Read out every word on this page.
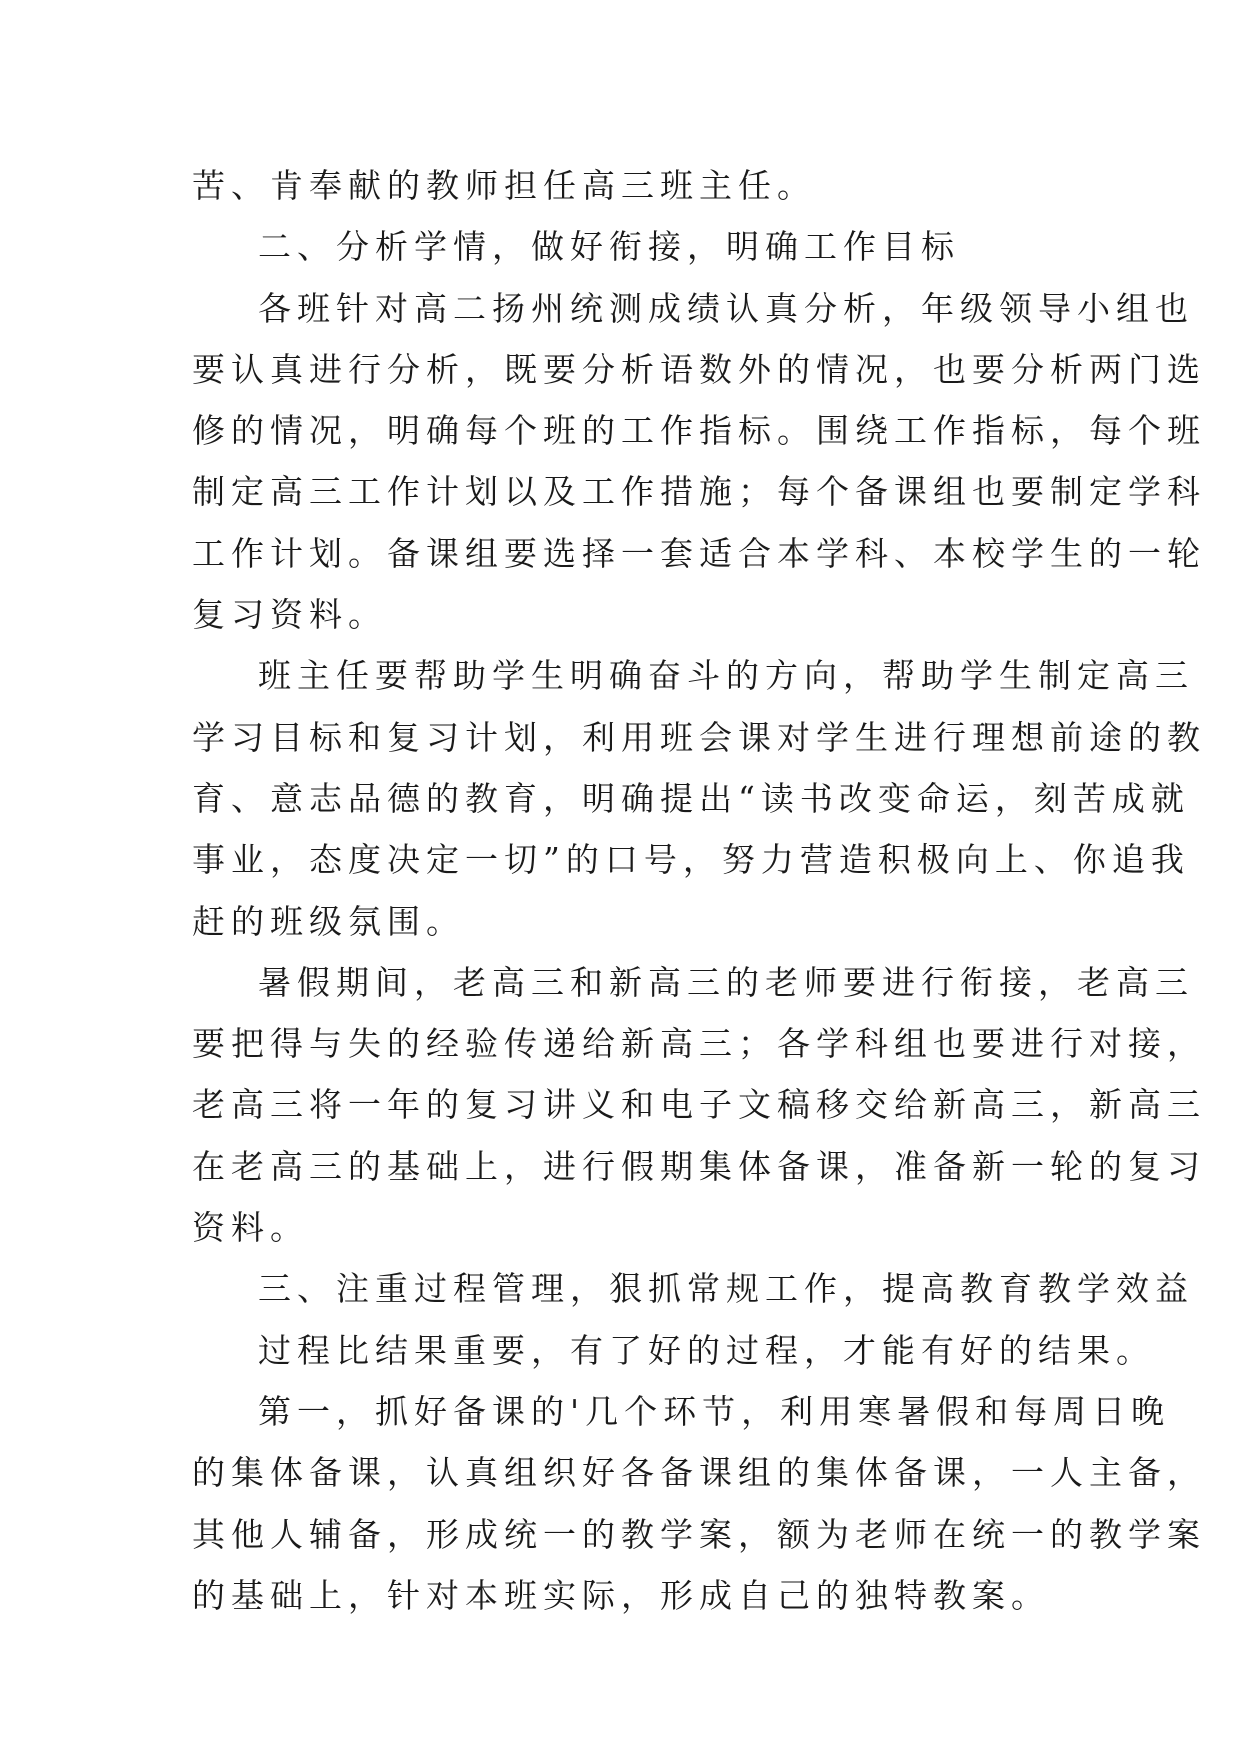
苦、肯奉献的教师担任高三班主任。

二、分析学情，做好衔接，明确工作目标

各班针对高二扬州统测成绩认真分析，年级领导小组也

要认真进行分析，既要分析语数外的情况，也要分析两门选

修的情况，明确每个班的工作指标。围绕工作指标，每个班

制定高三工作计划以及工作措施；每个备课组也要制定学科

工作计划。备课组要选择一套适合本学科、本校学生的一轮

复习资料。

班主任要帮助学生明确奋斗的方向，帮助学生制定高三

学习目标和复习计划，利用班会课对学生进行理想前途的教

育、意志品德的教育，明确提出“读书改变命运，刻苦成就

事业，态度决定一切”的口号，努力营造积极向上、你追我

赶的班级氛围。

暑假期间，老高三和新高三的老师要进行衔接，老高三

要把得与失的经验传递给新高三；各学科组也要进行对接，

老高三将一年的复习讲义和电子文稿移交给新高三，新高三

在老高三的基础上，进行假期集体备课，准备新一轮的复习

资料。

三、注重过程管理，狠抓常规工作，提高教育教学效益

过程比结果重要，有了好的过程，才能有好的结果。

第一，抓好备课的'几个环节，利用寒暑假和每周日晚

的集体备课，认真组织好各备课组的集体备课，一人主备，

其他人辅备，形成统一的教学案，额为老师在统一的教学案

的基础上，针对本班实际，形成自己的独特教案。
